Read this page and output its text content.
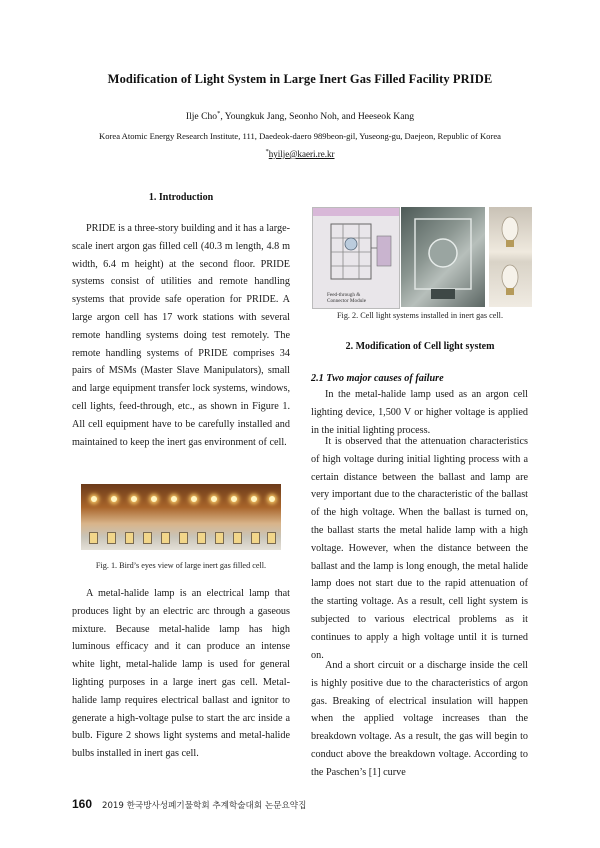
Modification of Light System in Large Inert Gas Filled Facility PRIDE
Ilje Cho*, Youngkuk Jang, Seonho Noh, and Heeseok Kang
Korea Atomic Energy Research Institute, 111, Daedeok-daero 989beon-gil, Yuseong-gu, Daejeon, Republic of Korea
*hyilje@kaeri.re.kr
1. Introduction

PRIDE is a three-story building and it has a large-scale inert argon gas filled cell (40.3 m length, 4.8 m width, 6.4 m height) at the second floor. PRIDE systems consist of utilities and remote handling systems that provide safe operation for PRIDE. A large argon cell has 17 work stations with several remote handling systems doing test remotely. The remote handling systems of PRIDE comprises 34 pairs of MSMs (Master Slave Manipulators), small and large equipment transfer lock systems, windows, cell lights, feed-through, etc., as shown in Figure 1. All cell equipment have to be carefully installed and maintained to keep the inert gas environment of cell.

Fig. 1. Bird’s eyes view of large inert gas filled cell.

A metal-halide lamp is an electrical lamp that produces light by an electric arc through a gaseous mixture. Because metal-halide lamp has high luminous efficacy and it can produce an intense white light, metal-halide lamp is used for general lighting purposes in a large inert gas cell. Metal-halide lamp requires electrical ballast and ignitor to generate a high-voltage pulse to start the arc inside a bulb. Figure 2 shows light systems and metal-halide bulbs installed in inert gas cell.

Feed-through &
Connector Module
Fig. 2. Cell light systems installed in inert gas cell.
2. Modification of Cell light system
2.1 Two major causes of failure

In the metal-halide lamp used as an argon cell lighting device, 1,500 V or higher voltage is applied in the initial lighting process.

It is observed that the attenuation characteristics of high voltage during initial lighting process with a certain distance between the ballast and lamp are very important due to the characteristic of the ballast of the high voltage. When the ballast is turned on, the ballast starts the metal halide lamp with a high voltage. However, when the distance between the ballast and the lamp is long enough, the metal halide lamp does not start due to the rapid attenuation of the starting voltage. As a result, cell light system is subjected to various electrical problems as it continues to apply a high voltage until it is turned on.

And a short circuit or a discharge inside the cell is highly positive due to the characteristics of argon gas. Breaking of electrical insulation will happen when the applied voltage increases than the breakdown voltage. As a result, the gas will begin to conduct above the breakdown voltage. According to the Paschen’s [1] curve

160 2019 한국방사성폐기물학회 추계학술대회 논문요약집
